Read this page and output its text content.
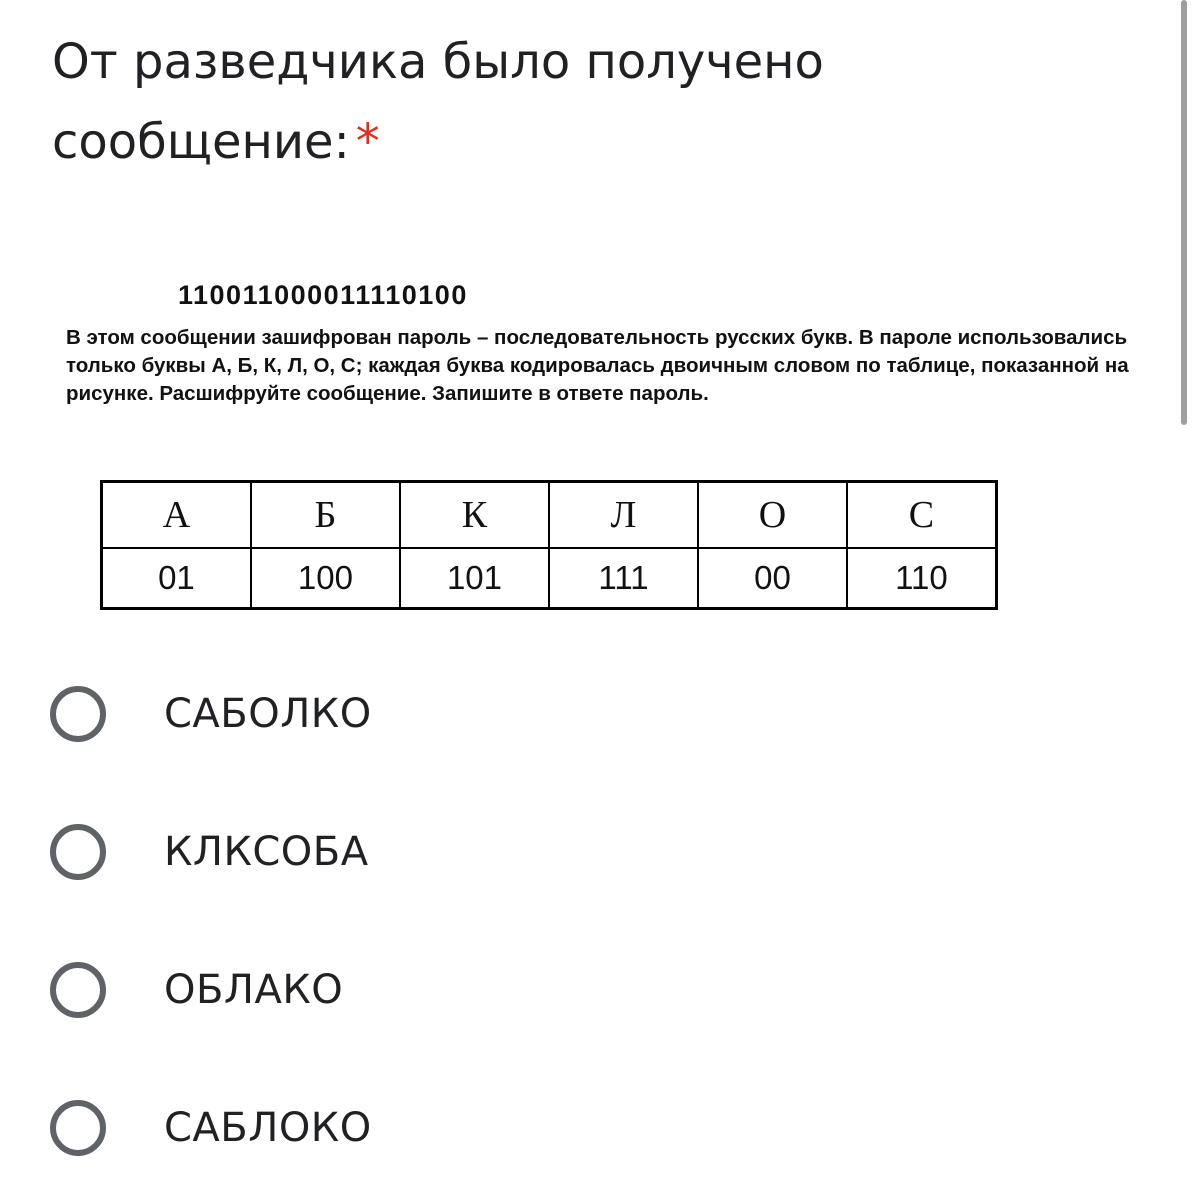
От разведчика было получено сообщение: *
110011000011110100
В этом сообщении зашифрован пароль – последовательность русских букв. В пароле использовались только буквы А, Б, К, Л, О, С; каждая буква кодировалась двоичным словом по таблице, показанной на рисунке. Расшифруйте сообщение. Запишите в ответе пароль.
А	Б	К	Л	О	С
01	100	101	111	00	110
САБОЛКО
КЛКСОБА
ОБЛАКО
САБЛОКО
